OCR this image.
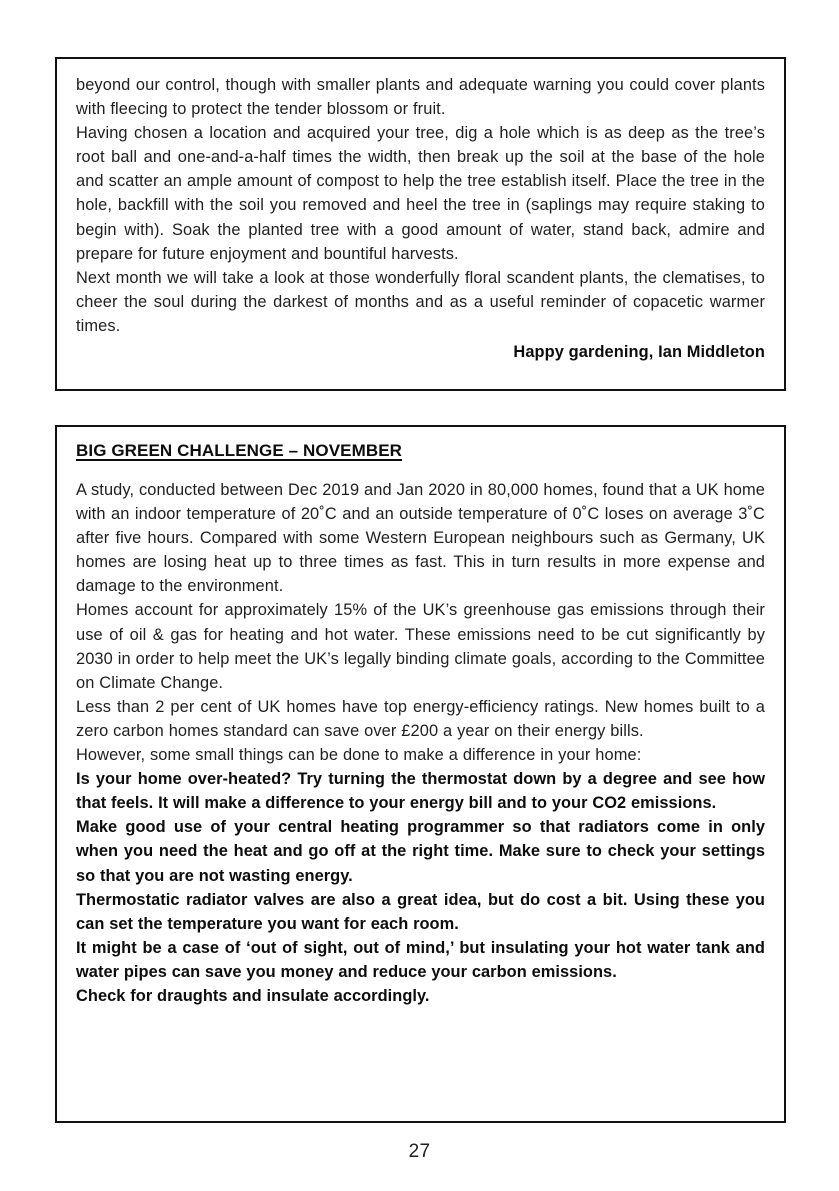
beyond our control, though with smaller plants and adequate warning you could cover plants with fleecing to protect the tender blossom or fruit.

Having chosen a location and acquired your tree, dig a hole which is as deep as the tree’s root ball and one-and-a-half times the width, then break up the soil at the base of the hole and scatter an ample amount of compost to help the tree establish itself. Place the tree in the hole, backfill with the soil you removed and heel the tree in (saplings may require staking to begin with). Soak the planted tree with a good amount of water, stand back, admire and prepare for future enjoyment and bountiful harvests.

Next month we will take a look at those wonderfully floral scandent plants, the clematises, to cheer the soul during the darkest of months and as a useful reminder of copacetic warmer times.

Happy gardening, Ian Middleton

BIG GREEN CHALLENGE – NOVEMBER

A study, conducted between Dec 2019 and Jan 2020 in 80,000 homes, found that a UK home with an indoor temperature of 20˚C and an outside temperature of 0˚C loses on average 3˚C after five hours. Compared with some Western European neighbours such as Germany, UK homes are losing heat up to three times as fast. This in turn results in more expense and damage to the environment.

Homes account for approximately 15% of the UK’s greenhouse gas emissions through their use of oil & gas for heating and hot water. These emissions need to be cut significantly by 2030 in order to help meet the UK’s legally binding climate goals, according to the Committee on Climate Change.

Less than 2 per cent of UK homes have top energy-efficiency ratings. New homes built to a zero carbon homes standard can save over £200 a year on their energy bills.

However, some small things can be done to make a difference in your home:

Is your home over-heated? Try turning the thermostat down by a degree and see how that feels. It will make a difference to your energy bill and to your CO2 emissions.

Make good use of your central heating programmer so that radiators come in only when you need the heat and go off at the right time. Make sure to check your settings so that you are not wasting energy.

Thermostatic radiator valves are also a great idea, but do cost a bit. Using these you can set the temperature you want for each room.

It might be a case of ‘out of sight, out of mind,’ but insulating your hot water tank and water pipes can save you money and reduce your carbon emissions.

Check for draughts and insulate accordingly.

27
